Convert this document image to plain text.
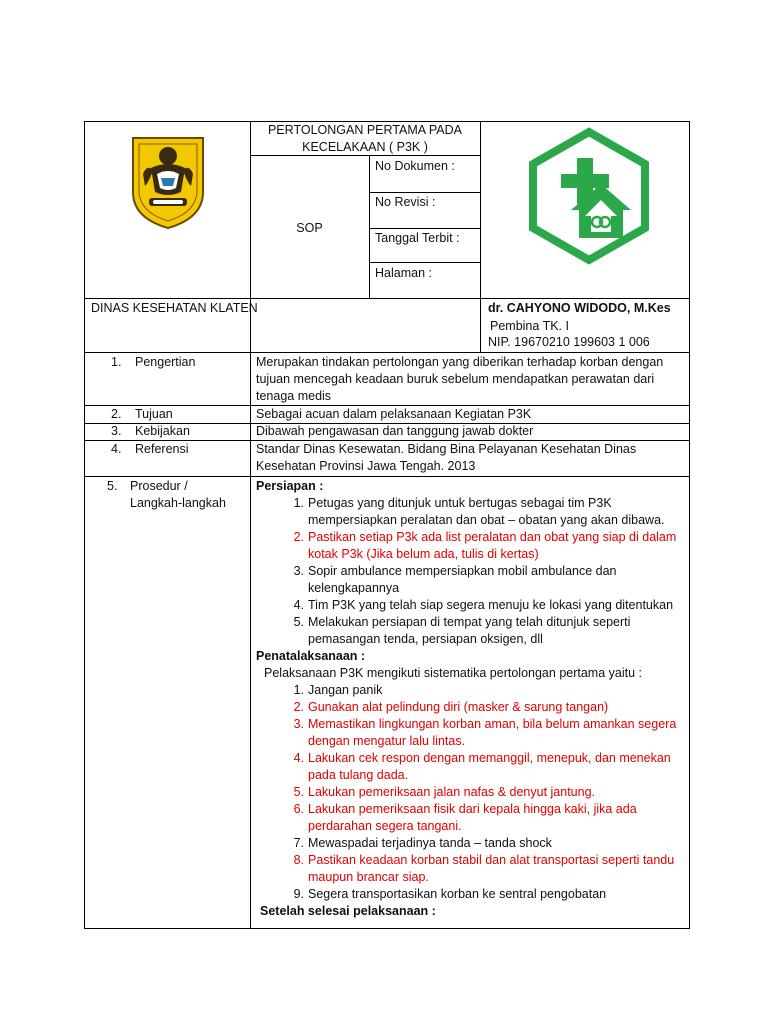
PERTOLONGAN PERTAMA PADA
KECELAKAAN ( P3K )
SOP
No Dokumen :
No Revisi :
Tanggal Terbit :
Halaman :
DINAS KESEHATAN KLATEN	dr. CAHYONO WIDODO, M.Kes
Pembina TK. I
NIP. 19670210 199603 1 006
1. Pengertian	Merupakan tindakan pertolongan yang diberikan terhadap korban dengan tujuan mencegah keadaan buruk sebelum mendapatkan perawatan dari tenaga medis
2. Tujuan	Sebagai acuan dalam pelaksanaan Kegiatan P3K
3. Kebijakan	Dibawah pengawasan dan tanggung jawab dokter
4. Referensi	Standar Dinas Kesewatan. Bidang Bina Pelayanan Kesehatan Dinas Kesehatan Provinsi Jawa Tengah. 2013
5. Prosedur /
Langkah-langkah
Persiapan :
1. Petugas yang ditunjuk untuk bertugas sebagai tim P3K mempersiapkan peralatan dan obat – obatan yang akan dibawa.
2. Pastikan setiap P3k ada list peralatan dan obat yang siap di dalam kotak P3k (Jika belum ada, tulis di kertas)
3. Sopir ambulance mempersiapkan mobil ambulance dan kelengkapannya
4. Tim P3K yang telah siap segera menuju ke lokasi yang ditentukan
5. Melakukan persiapan di tempat yang telah ditunjuk seperti pemasangan tenda, persiapan oksigen, dll
Penatalaksanaan :
Pelaksanaan P3K mengikuti sistematika pertolongan pertama yaitu :
1. Jangan panik
2. Gunakan alat pelindung diri (masker & sarung tangan)
3. Memastikan lingkungan korban aman, bila belum amankan segera dengan mengatur lalu lintas.
4. Lakukan cek respon dengan memanggil, menepuk, dan menekan pada tulang dada.
5. Lakukan pemeriksaan jalan nafas & denyut jantung.
6. Lakukan pemeriksaan fisik dari kepala hingga kaki, jika ada perdarahan segera tangani.
7. Mewaspadai terjadinya tanda – tanda shock
8. Pastikan keadaan korban stabil dan alat transportasi seperti tandu maupun brancar siap.
9. Segera transportasikan korban ke sentral pengobatan
Setelah selesai pelaksanaan :
